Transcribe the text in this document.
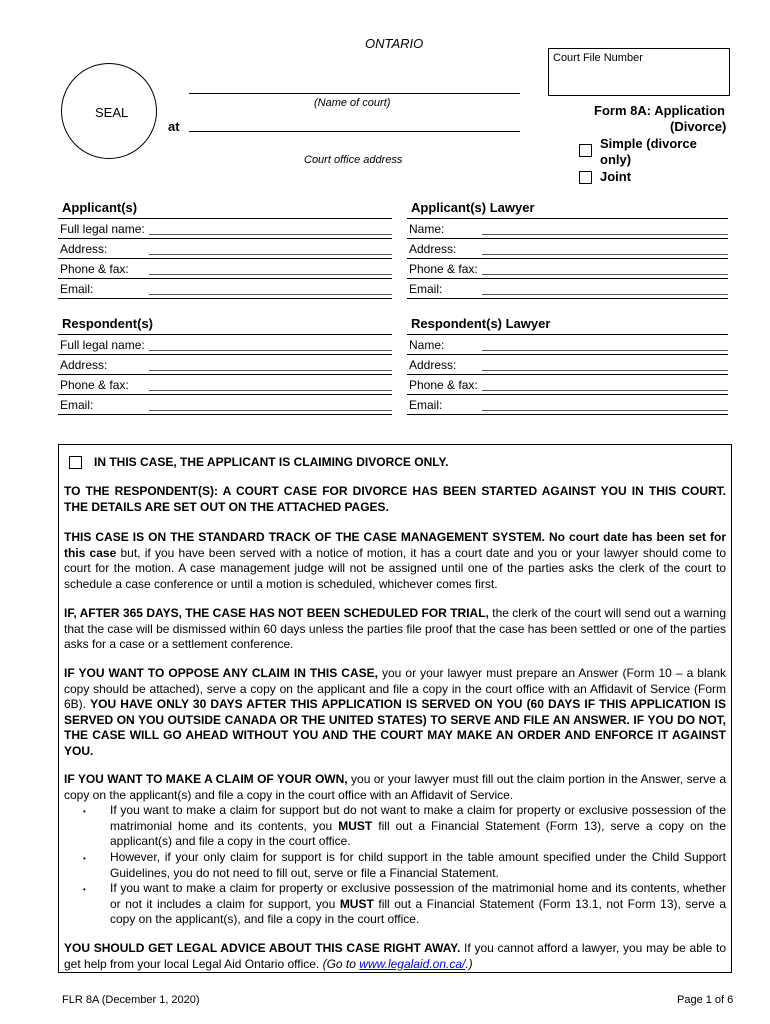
ONTARIO
SEAL
(Name of court)
at
Court office address
Court File Number
Form 8A: Application
(Divorce)
Simple (divorce
only)
Joint
Applicant(s)
Full legal name:	
Address:	
Phone & fax:	
Email:	
Applicant(s) Lawyer
Name:	
Address:	
Phone & fax:	
Email:	
Respondent(s)
Full legal name:	
Address:	
Phone & fax:	
Email:	
Respondent(s) Lawyer
Name:	
Address:	
Phone & fax:	
Email:	
IN THIS CASE, THE APPLICANT IS CLAIMING DIVORCE ONLY.
TO THE RESPONDENT(S): A COURT CASE FOR DIVORCE HAS BEEN STARTED AGAINST YOU IN THIS COURT. THE DETAILS ARE SET OUT ON THE ATTACHED PAGES.
THIS CASE IS ON THE STANDARD TRACK OF THE CASE MANAGEMENT SYSTEM. No court date has been set for this case but, if you have been served with a notice of motion, it has a court date and you or your lawyer should come to court for the motion. A case management judge will not be assigned until one of the parties asks the clerk of the court to schedule a case conference or until a motion is scheduled, whichever comes first.
IF, AFTER 365 DAYS, THE CASE HAS NOT BEEN SCHEDULED FOR TRIAL, the clerk of the court will send out a warning that the case will be dismissed within 60 days unless the parties file proof that the case has been settled or one of the parties asks for a case or a settlement conference.
IF YOU WANT TO OPPOSE ANY CLAIM IN THIS CASE, you or your lawyer must prepare an Answer (Form 10 – a blank copy should be attached), serve a copy on the applicant and file a copy in the court office with an Affidavit of Service (Form 6B). YOU HAVE ONLY 30 DAYS AFTER THIS APPLICATION IS SERVED ON YOU (60 DAYS IF THIS APPLICATION IS SERVED ON YOU OUTSIDE CANADA OR THE UNITED STATES) TO SERVE AND FILE AN ANSWER. IF YOU DO NOT, THE CASE WILL GO AHEAD WITHOUT YOU AND THE COURT MAY MAKE AN ORDER AND ENFORCE IT AGAINST YOU.
IF YOU WANT TO MAKE A CLAIM OF YOUR OWN, you or your lawyer must fill out the claim portion in the Answer, serve a copy on the applicant(s) and file a copy in the court office with an Affidavit of Service.
• If you want to make a claim for support but do not want to make a claim for property or exclusive possession of the matrimonial home and its contents, you MUST fill out a Financial Statement (Form 13), serve a copy on the applicant(s) and file a copy in the court office.
• However, if your only claim for support is for child support in the table amount specified under the Child Support Guidelines, you do not need to fill out, serve or file a Financial Statement.
• If you want to make a claim for property or exclusive possession of the matrimonial home and its contents, whether or not it includes a claim for support, you MUST fill out a Financial Statement (Form 13.1, not Form 13), serve a copy on the applicant(s), and file a copy in the court office.
YOU SHOULD GET LEGAL ADVICE ABOUT THIS CASE RIGHT AWAY. If you cannot afford a lawyer, you may be able to get help from your local Legal Aid Ontario office. (Go to www.legalaid.on.ca/.)
FLR 8A (December 1, 2020)	Page 1 of 6
